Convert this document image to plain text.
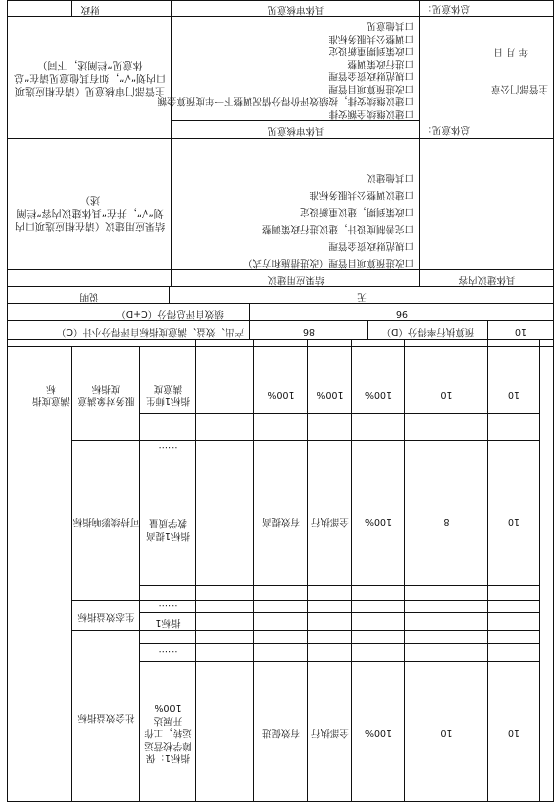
10
10
100%
全部执行
有效促进
指标1：保障学校营运运转，工作开展达100%
……
社会效益指标
指标1
……
生态效益指标
10
8
100%
全部执行
有效提高
指标1提高教学质量
……
可持续影响指标
10
10
100%
100%
100%
指标1师生满意度
服务对象满意度指标
满意度指标
10
预算执行率得分（D）
86
产出、效益、满意度指标自评得分小计（C）
96
绩效自评总得分（C+D）
无
说明
具体建议内容
结果应用建议
结果应用建议（请在相应选项口内划“√”，并在“具体建议内容”栏阐述）
口改进预算项目管理（改进措施和方式）
口规范财政资金管理
口完善制度设计，建议进行政策调整
口政策到期，建议重新设定
口建议调整公共服务标准
口其他建议
总体意见：
具体审核意见
主管部门审核意见（请在相应选项口内划“√”，如有其他意见请在“总体意见”栏阐述，下同）
口建议继续全额安排
口建议继续安排，按绩效评价得分情况调整下一年度预算金额
口改进预算项目管理
口规范财政资金管理
口进行政策调整
口政策到期重新设定
口调整公共服务标准
口其他意见
主管部门公章
年 月 日
总体意见：
具体审核意见
财政
